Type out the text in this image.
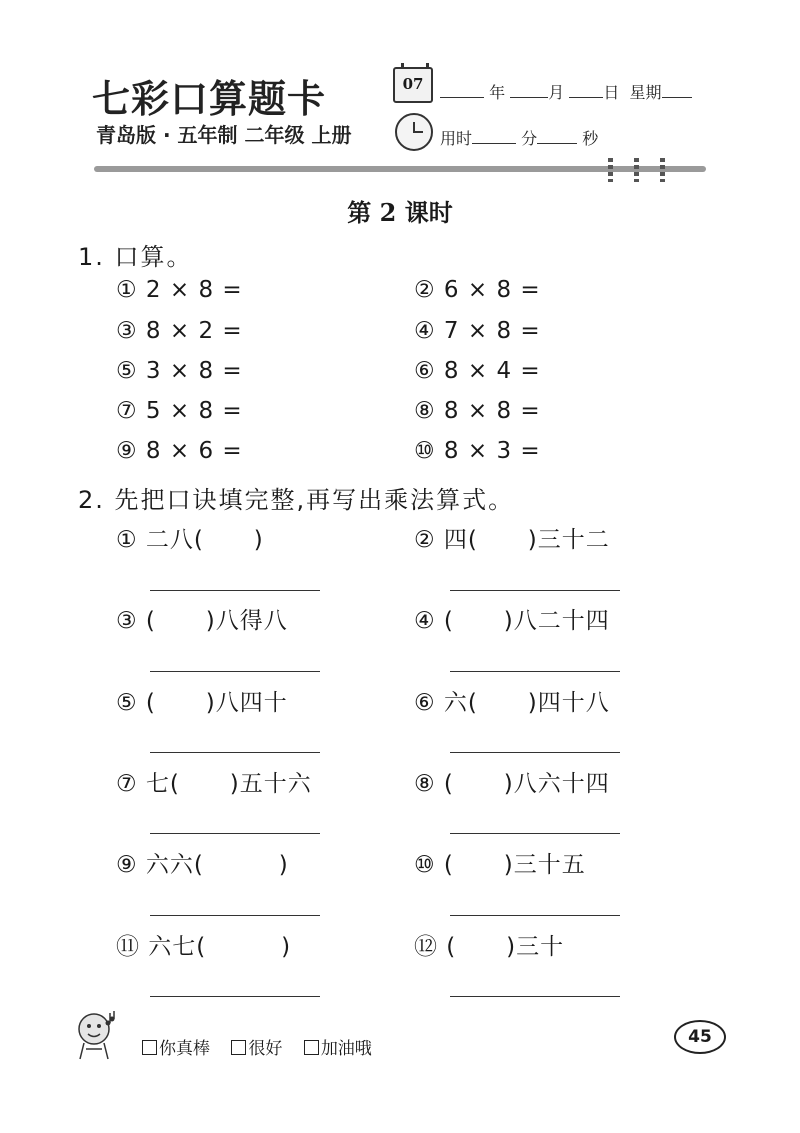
七彩口算题卡
青岛版 · 五年制 二年级 上册
07	年	月 日 星期
用时	分	秒
第 2 课时
1. 口算。
① 2 × 8 =	② 6 × 8 =
③ 8 × 2 =	④ 7 × 8 =
⑤ 3 × 8 =	⑥ 8 × 4 =
⑦ 5 × 8 =	⑧ 8 × 8 =
⑨ 8 × 6 =	⑩ 8 × 3 =
2. 先把口诀填完整,再写出乘法算式。
① 二八(      )	② 四(      )三十二
③ (      )八得八	④ (      )八二十四
⑤ (      )八四十	⑥ 六(      )四十八
⑦ 七(      )五十六	⑧ (      )八六十四
⑨ 六六(         )	⑩ (      )三十五
⑪ 六七(         )	⑫ (      )三十
你真棒 很好 加油哦
45
